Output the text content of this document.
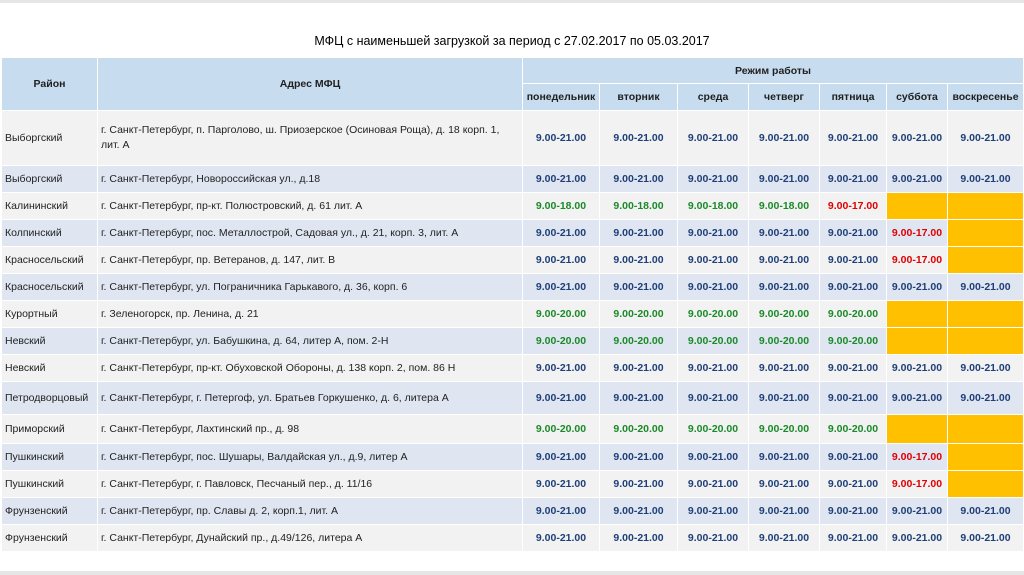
МФЦ с наименьшей загрузкой за период с 27.02.2017 по 05.03.2017
Район	Адрес МФЦ	Режим работы						
		понедельник	вторник	среда	четверг	пятница	суббота	воскресенье
Выборгский	г. Санкт-Петербург, п. Парголово, ш. Приозерское (Осиновая Роща), д. 18 корп. 1, лит. А	9.00-21.00	9.00-21.00	9.00-21.00	9.00-21.00	9.00-21.00	9.00-21.00	9.00-21.00
Выборгский	г. Санкт-Петербург, Новороссийская ул., д.18	9.00-21.00	9.00-21.00	9.00-21.00	9.00-21.00	9.00-21.00	9.00-21.00	9.00-21.00
Калининский	г. Санкт-Петербург, пр-кт. Полюстровский, д. 61 лит. А	9.00-18.00	9.00-18.00	9.00-18.00	9.00-18.00	9.00-17.00		
Колпинский	г. Санкт-Петербург, пос. Металлострой, Садовая ул., д. 21, корп. 3, лит. А	9.00-21.00	9.00-21.00	9.00-21.00	9.00-21.00	9.00-21.00	9.00-17.00	
Красносельский	г. Санкт-Петербург, пр. Ветеранов, д. 147, лит. В	9.00-21.00	9.00-21.00	9.00-21.00	9.00-21.00	9.00-21.00	9.00-17.00	
Красносельский	г. Санкт-Петербург, ул. Пограничника Гарькавого, д. 36, корп. 6	9.00-21.00	9.00-21.00	9.00-21.00	9.00-21.00	9.00-21.00	9.00-21.00	9.00-21.00
Курортный	г. Зеленогорск, пр. Ленина, д. 21	9.00-20.00	9.00-20.00	9.00-20.00	9.00-20.00	9.00-20.00		
Невский	г. Санкт-Петербург, ул. Бабушкина, д. 64, литер А, пом. 2-Н	9.00-20.00	9.00-20.00	9.00-20.00	9.00-20.00	9.00-20.00		
Невский	г. Санкт-Петербург, пр-кт. Обуховской Обороны, д. 138 корп. 2, пом. 86 Н	9.00-21.00	9.00-21.00	9.00-21.00	9.00-21.00	9.00-21.00	9.00-21.00	9.00-21.00
Петродворцовый	г. Санкт-Петербург, г. Петергоф, ул. Братьев Горкушенко, д. 6, литера А	9.00-21.00	9.00-21.00	9.00-21.00	9.00-21.00	9.00-21.00	9.00-21.00	9.00-21.00
Приморский	г. Санкт-Петербург, Лахтинский пр., д. 98	9.00-20.00	9.00-20.00	9.00-20.00	9.00-20.00	9.00-20.00		
Пушкинский	г. Санкт-Петербург, пос. Шушары, Валдайская ул., д.9, литер А	9.00-21.00	9.00-21.00	9.00-21.00	9.00-21.00	9.00-21.00	9.00-17.00	
Пушкинский	г. Санкт-Петербург, г. Павловск, Песчаный пер., д. 11/16	9.00-21.00	9.00-21.00	9.00-21.00	9.00-21.00	9.00-21.00	9.00-17.00	
Фрунзенский	г. Санкт-Петербург, пр. Славы д. 2, корп.1, лит. А	9.00-21.00	9.00-21.00	9.00-21.00	9.00-21.00	9.00-21.00	9.00-21.00	9.00-21.00
Фрунзенский	г. Санкт-Петербург, Дунайский пр., д.49/126, литера А	9.00-21.00	9.00-21.00	9.00-21.00	9.00-21.00	9.00-21.00	9.00-21.00	9.00-21.00
